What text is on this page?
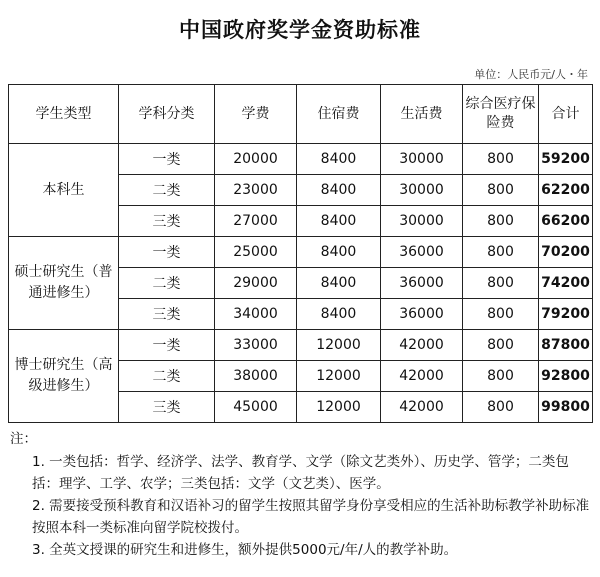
中国政府奖学金资助标准
单位：人民币元/人・年
学生类型	学科分类	学费	住宿费	生活费	综合医疗保险费	合计
本科生	一类	20000	8400	30000	800	59200
	二类	23000	8400	30000	800	62200
	三类	27000	8400	30000	800	66200
硕士研究生（普通进修生）	一类	25000	8400	36000	800	70200
	二类	29000	8400	36000	800	74200
	三类	34000	8400	36000	800	79200
博士研究生（高级进修生）	一类	33000	12000	42000	800	87800
	二类	38000	12000	42000	800	92800
	三类	45000	12000	42000	800	99800
注：
1. 一类包括：哲学、经济学、法学、教育学、文学（除文艺类外）、历史学、管学；二类包括：理学、工学、农学；三类包括：文学（文艺类）、医学。
2. 需要接受预科教育和汉语补习的留学生按照其留学身份享受相应的生活补助标教学补助标准按照本科一类标准向留学院校拨付。
3. 全英文授课的研究生和进修生，额外提供5000元/年/人的教学补助。
